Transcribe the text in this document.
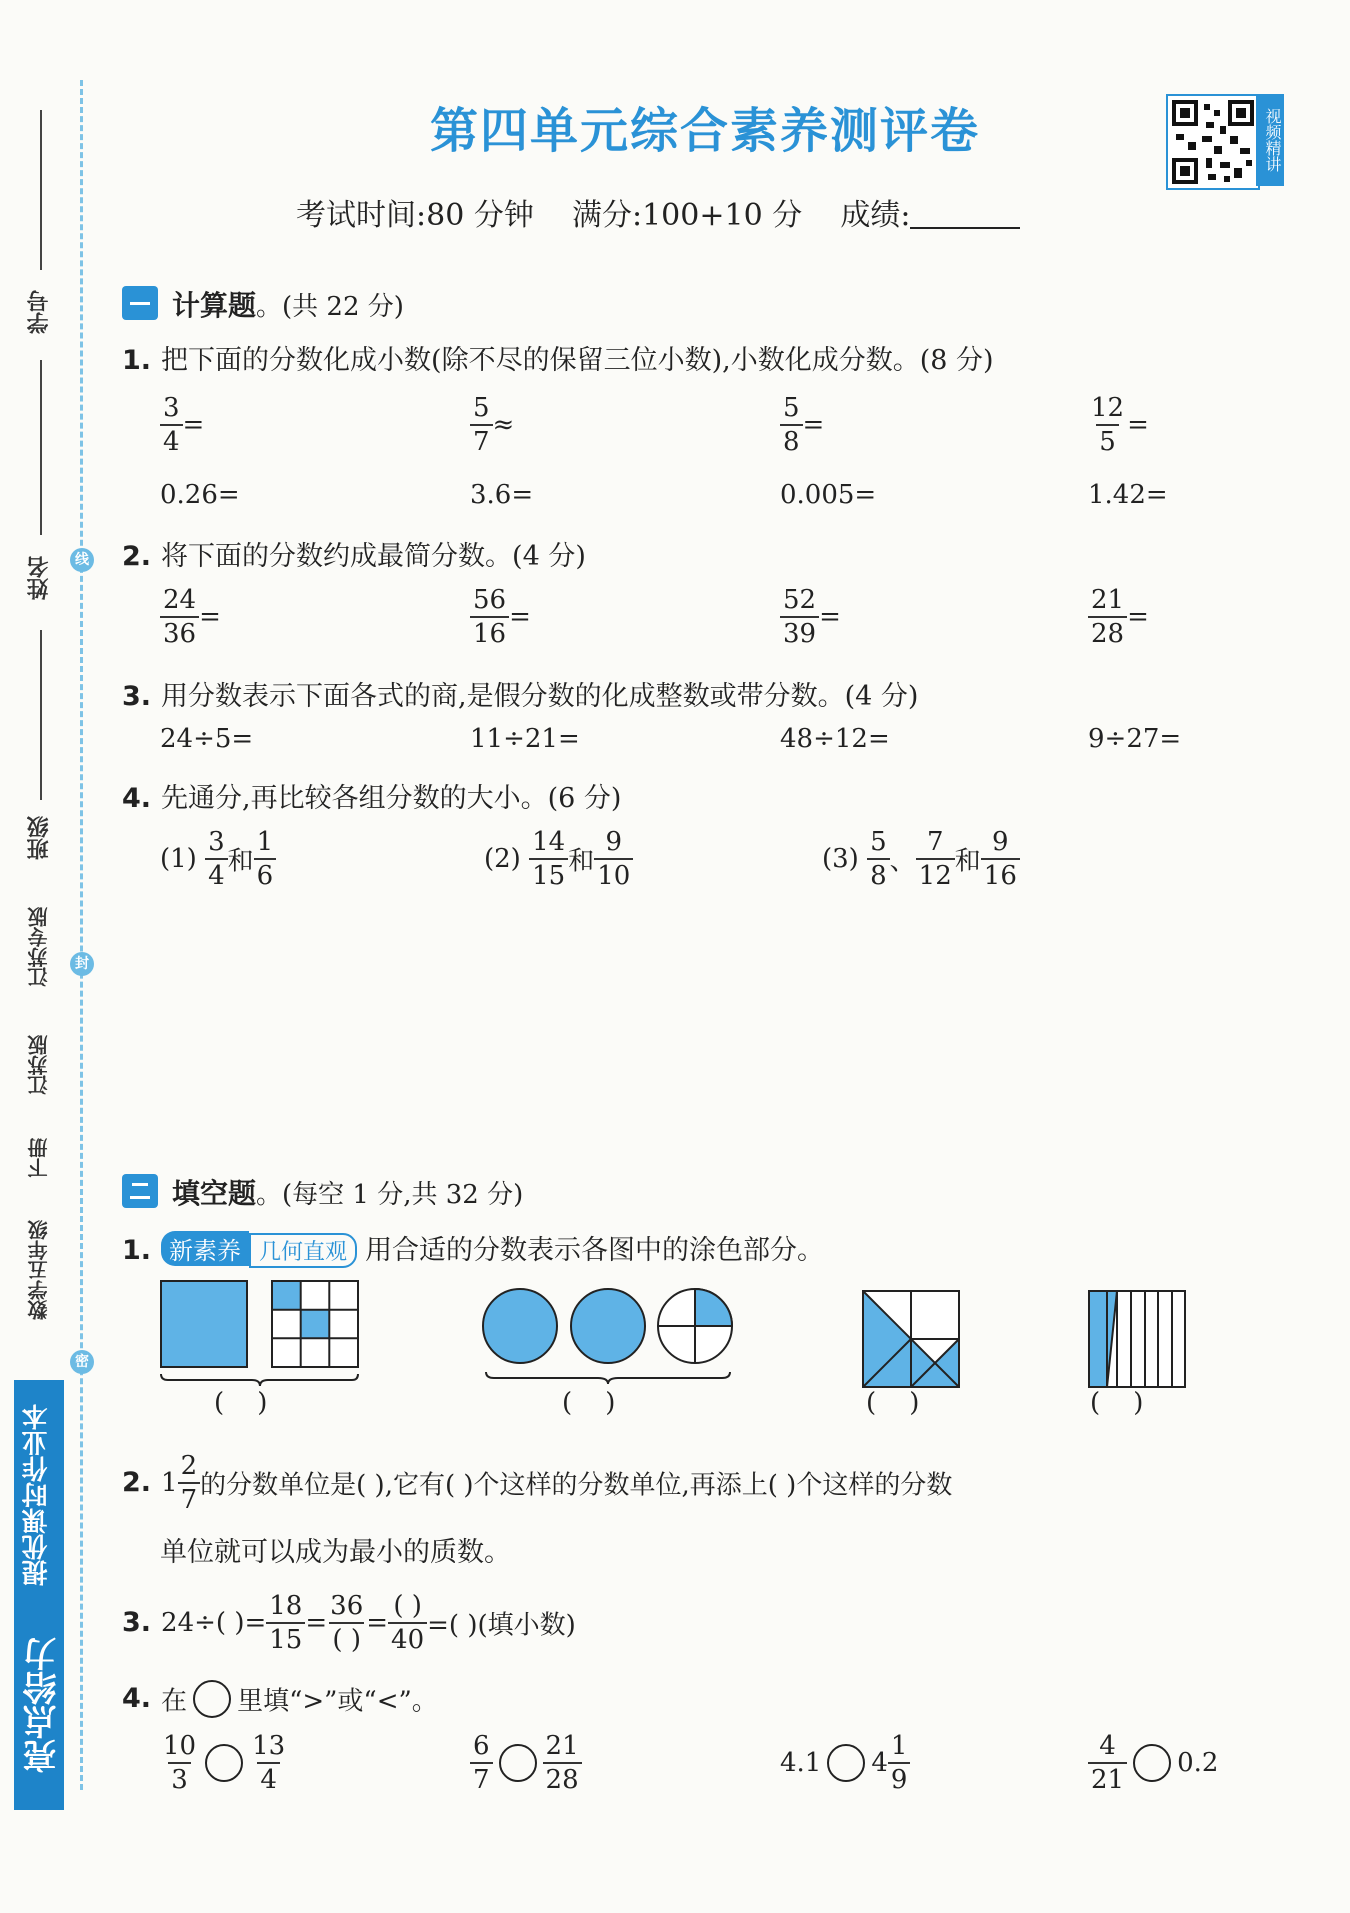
学号
姓名
班级
江苏专版
江苏版
下册
数学五年级
线
封
密
提优课时作业本
亮点给力
第四单元综合素养测评卷	视频精讲
考试时间:80 分钟 满分:100+10 分 成绩:
计算题。(共 22 分)
1. 把下面的分数化成小数(除不尽的保留三位小数),小数化成分数。(8 分)
$\frac{3}{4}$ =	$\frac{5}{7}$ ≈	$\frac{5}{8}$ =	$\frac{12}{5}$ =
0.26=	3.6=	0.005=	1.42=
2. 将下面的分数约成最简分数。(4 分)
$\frac{24}{36}$ =	$\frac{56}{16}$ =	$\frac{52}{39}$ =	$\frac{21}{28}$ =
3. 用分数表示下面各式的商,是假分数的化成整数或带分数。(4 分)
24÷5=	11÷21=	48÷12=	9÷27=
4. 先通分,再比较各组分数的大小。(6 分)
$(1) \frac{3}{4}$ 和 $\frac{1}{6}$	$(2) \frac{14}{15}$ 和 $\frac{9}{10}$	$(3) \frac{5}{8}$ 、 $\frac{7}{12}$ 和 $\frac{9}{16}$
填空题。(每空 1 分,共 32 分)
1. 新素养 几何直观 用合适的分数表示各图中的涂色部分。
(    )	(    )	(    )	(    )
2. $1 \frac{2}{7}$ 的分数单位是( ),它有( )个这样的分数单位,再添上( )个这样的分数
单位就可以成为最小的质数。
3. 24÷( )= $\frac{18}{15} = \frac{36}{( )} = \frac{( )}{40}$ =( )(填小数)
4. 在 里填“>”或“<”。
$\frac{10}{3} \frac{13}{4}$	$\frac{6}{7} \frac{21}{28}$	4.1 $4 \frac{1}{9}$	$\frac{4}{21} 0.2$
